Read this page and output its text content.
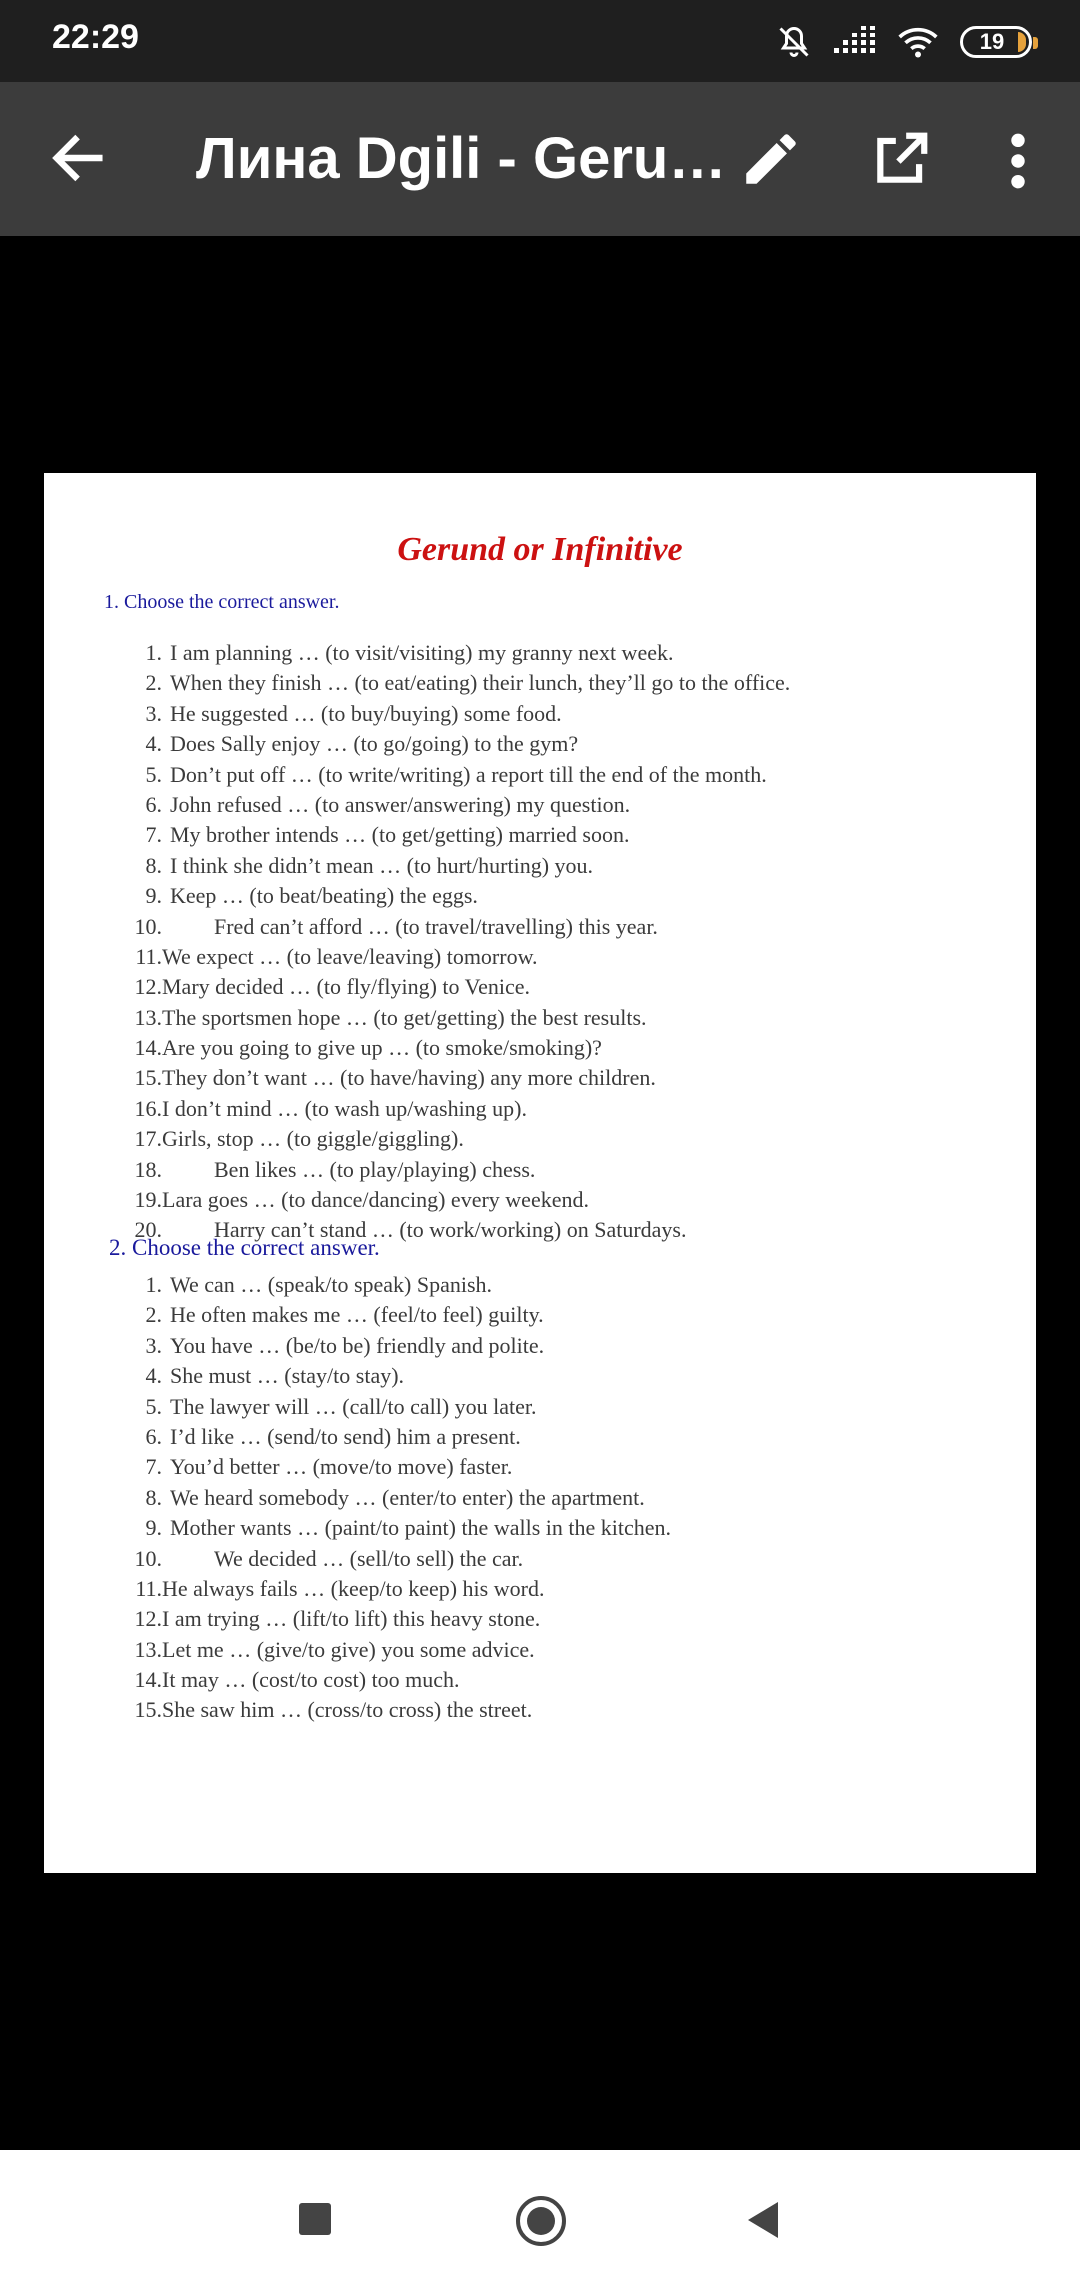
22:29	19
Лина Dgili - Geru…
Gerund or Infinitive
1. Choose the correct answer.
1. I am planning … (to visit/visiting) my granny next week.
2. When they finish … (to eat/eating) their lunch, they’ll go to the office.
3. He suggested … (to buy/buying) some food.
4. Does Sally enjoy … (to go/going) to the gym?
5. Don’t put off … (to write/writing) a report till the end of the month.
6. John refused … (to answer/answering) my question.
7. My brother intends … (to get/getting) married soon.
8. I think she didn’t mean … (to hurt/hurting) you.
9. Keep … (to beat/beating) the eggs.
10. Fred can’t afford … (to travel/travelling) this year.
11.We expect … (to leave/leaving) tomorrow.
12.Mary decided … (to fly/flying) to Venice.
13.The sportsmen hope … (to get/getting) the best results.
14.Are you going to give up … (to smoke/smoking)?
15.They don’t want … (to have/having) any more children.
16.I don’t mind … (to wash up/washing up).
17.Girls, stop … (to giggle/giggling).
18. Ben likes … (to play/playing) chess.
19.Lara goes … (to dance/dancing) every weekend.
20. Harry can’t stand … (to work/working) on Saturdays.
2. Choose the correct answer.
1. We can … (speak/to speak) Spanish.
2. He often makes me … (feel/to feel) guilty.
3. You have … (be/to be) friendly and polite.
4. She must … (stay/to stay).
5. The lawyer will … (call/to call) you later.
6. I’d like … (send/to send) him a present.
7. You’d better … (move/to move) faster.
8. We heard somebody … (enter/to enter) the apartment.
9. Mother wants … (paint/to paint) the walls in the kitchen.
10. We decided … (sell/to sell) the car.
11.He always fails … (keep/to keep) his word.
12.I am trying … (lift/to lift) this heavy stone.
13.Let me … (give/to give) you some advice.
14.It may … (cost/to cost) too much.
15.She saw him … (cross/to cross) the street.
